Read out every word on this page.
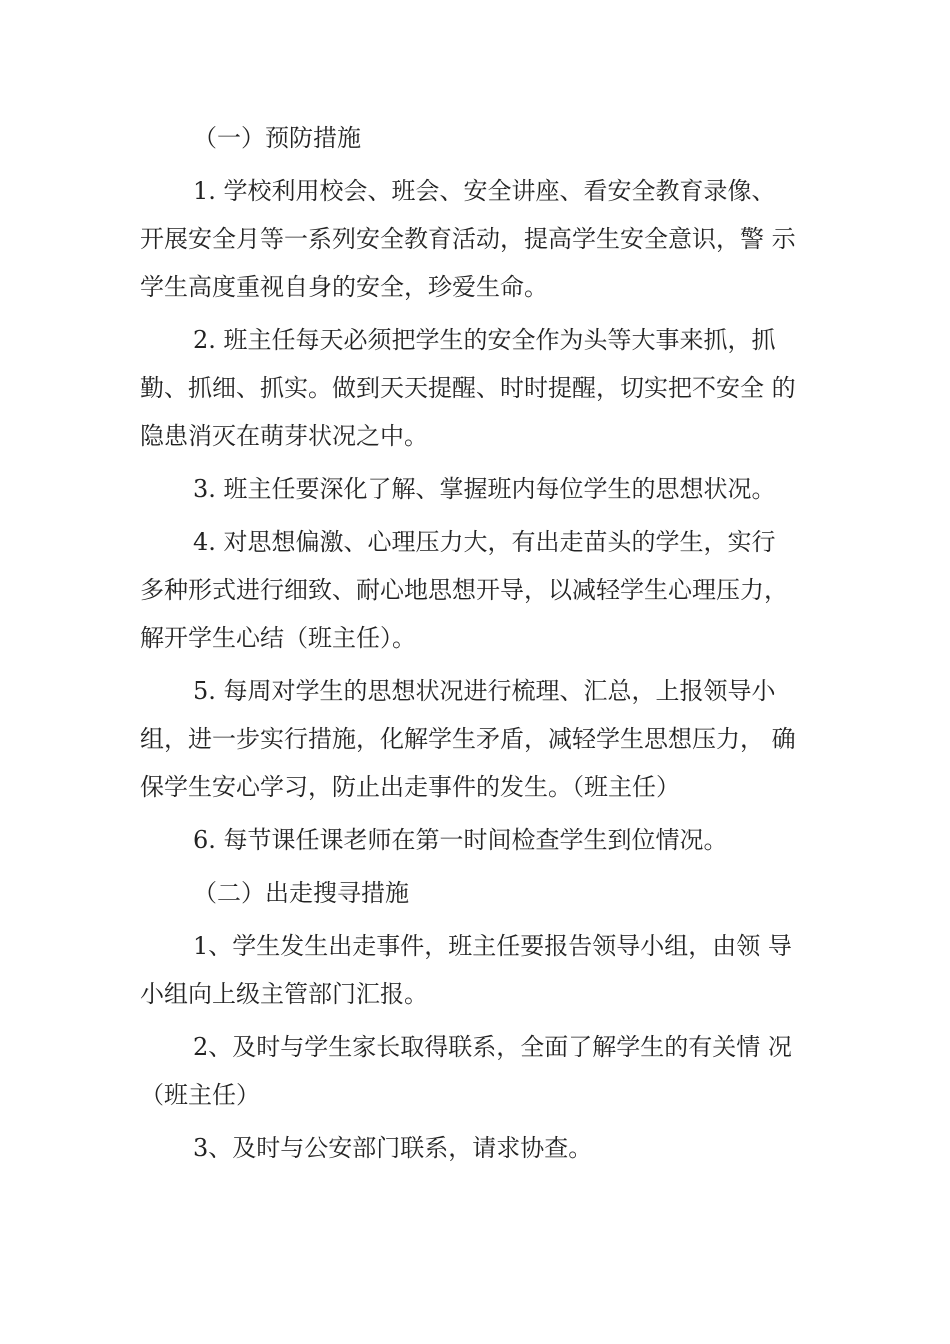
（一）预防措施
1. 学校利用校会、班会、安全讲座、看安全教育录像、
开展安全月等一系列安全教育活动，提高学生安全意识，警 示
学生高度重视自身的安全，珍爱生命。
2. 班主任每天必须把学生的安全作为头等大事来抓，抓
勤、抓细、抓实。做到天天提醒、时时提醒，切实把不安全 的
隐患消灭在萌芽状况之中。
3. 班主任要深化了解、掌握班内每位学生的思想状况。
4. 对思想偏激、心理压力大，有出走苗头的学生，实行
多种形式进行细致、耐心地思想开导，以减轻学生心理压力，
解开学生心结（班主任）。
5. 每周对学生的思想状况进行梳理、汇总，上报领导小
组，进一步实行措施，化解学生矛盾，减轻学生思想压力， 确
保学生安心学习，防止出走事件的发生。（班主任）
6. 每节课任课老师在第一时间检查学生到位情况。
（二）出走搜寻措施
1、学生发生出走事件，班主任要报告领导小组，由领 导
小组向上级主管部门汇报。
2、及时与学生家长取得联系，全面了解学生的有关情 况
（班主任）
3、及时与公安部门联系，请求协查。
